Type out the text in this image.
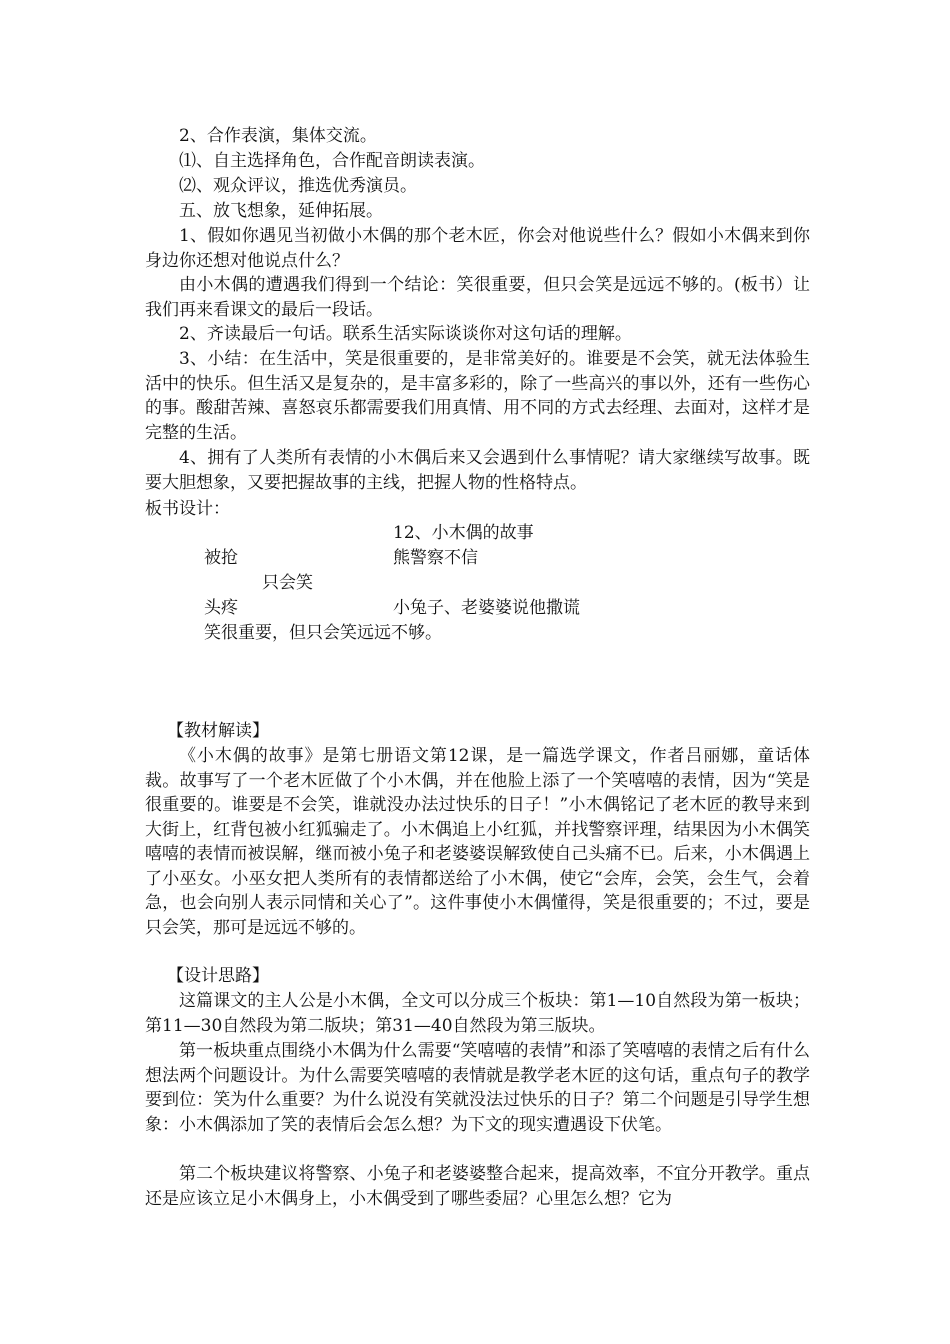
2、合作表演，集体交流。

⑴、自主选择角色，合作配音朗读表演。

⑵、观众评议，推选优秀演员。

五、放飞想象，延伸拓展。

1、假如你遇见当初做小木偶的那个老木匠，你会对他说些什么？假如小木偶来到你身边你还想对他说点什么？

由小木偶的遭遇我们得到一个结论：笑很重要，但只会笑是远远不够的。(板书）让我们再来看课文的最后一段话。

2、齐读最后一句话。联系生活实际谈谈你对这句话的理解。

3、小结：在生活中，笑是很重要的，是非常美好的。谁要是不会笑，就无法体验生活中的快乐。但生活又是复杂的，是丰富多彩的，除了一些高兴的事以外，还有一些伤心的事。酸甜苦辣、喜怒哀乐都需要我们用真情、用不同的方式去经理、去面对，这样才是完整的生活。

4、拥有了人类所有表情的小木偶后来又会遇到什么事情呢？请大家继续写故事。既要大胆想象，又要把握故事的主线，把握人物的性格特点。

板书设计：

12、小木偶的故事

被抢	熊警察不信

只会笑

头疼	小兔子、老婆婆说他撒谎

笑很重要，但只会笑远远不够。

【教材解读】

《小木偶的故事》是第七册语文第12课，是一篇选学课文，作者吕丽娜，童话体裁。故事写了一个老木匠做了个小木偶，并在他脸上添了一个笑嘻嘻的表情，因为“笑是很重要的。谁要是不会笑，谁就没办法过快乐的日子！”小木偶铭记了老木匠的教导来到大街上，红背包被小红狐骗走了。小木偶追上小红狐，并找警察评理，结果因为小木偶笑嘻嘻的表情而被误解，继而被小兔子和老婆婆误解致使自己头痛不已。后来，小木偶遇上了小巫女。小巫女把人类所有的表情都送给了小木偶，使它“会库，会笑，会生气，会着急，也会向别人表示同情和关心了”。这件事使小木偶懂得，笑是很重要的；不过，要是只会笑，那可是远远不够的。

【设计思路】

这篇课文的主人公是小木偶，全文可以分成三个板块：第1—10自然段为第一板块；第11—30自然段为第二版块；第31—40自然段为第三版块。

第一板块重点围绕小木偶为什么需要“笑嘻嘻的表情”和添了笑嘻嘻的表情之后有什么想法两个问题设计。为什么需要笑嘻嘻的表情就是教学老木匠的这句话，重点句子的教学要到位：笑为什么重要？为什么说没有笑就没法过快乐的日子？第二个问题是引导学生想象：小木偶添加了笑的表情后会怎么想？为下文的现实遭遇设下伏笔。

第二个板块建议将警察、小兔子和老婆婆整合起来，提高效率，不宜分开教学。重点还是应该立足小木偶身上，小木偶受到了哪些委屈？心里怎么想？它为
